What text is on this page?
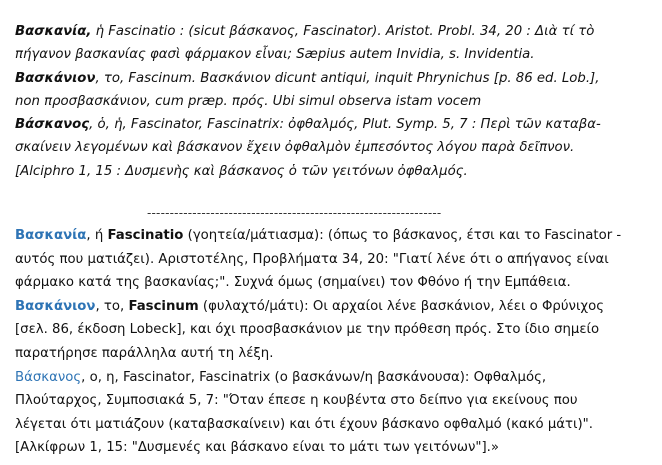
Βασκανία, ἡ Fascinatio : (sicut βάσκανος, Fascinator). Aristot. Probl. 34, 20 : Διὰ τί τὸ

πήγανον βασκανίας φασὶ φάρμακον εἶναι; Sæpius autem Invidia, s. Invidentia.

Βασκάνιον, το, Fascinum. Βασκάνιον dicunt antiqui, inquit Phrynichus [p. 86 ed. Lob.],

non προσβασκάνιον, cum præp. πρός. Ubi simul observa istam vocem

Βάσκανος, ὁ, ἡ, Fascinator, Fascinatrix: ὀφθαλμός, Plut. Symp. 5, 7 : Περὶ τῶν καταβα-

σκαίνειν λεγομένων καὶ βάσκανον ἔχειν ὀφθαλμὸν ἐμπεσόντος λόγου παρὰ δεῖπνον.

[Alciphro 1, 15 : Δυσμενὴς καὶ βάσκανος ὁ τῶν γειτόνων ὀφθαλμός.

-----------------------------------------------------------------

Βασκανία, ή Fascinatio (γοητεία/μάτιασμα): (όπως το βάσκανος, έτσι και το Fascinator -

αυτός που ματιάζει). Αριστοτέλης, Προβλήματα 34, 20: "Γιατί λένε ότι ο απήγανος είναι

φάρμακο κατά της βασκανίας;". Συχνά όμως (σημαίνει) τον Φθόνο ή την Εμπάθεια.

Βασκάνιον, το, Fascinum (φυλαχτό/μάτι): Οι αρχαίοι λένε βασκάνιον, λέει ο Φρύνιχος

[σελ. 86, έκδοση Lobeck], και όχι προσβασκάνιον με την πρόθεση πρός. Στο ίδιο σημείο

παρατήρησε παράλληλα αυτή τη λέξη.

Βάσκανος, ο, η, Fascinator, Fascinatrix (ο βασκάνων/η βασκάνουσα): Οφθαλμός,

Πλούταρχος, Συμποσιακά 5, 7: "Όταν έπεσε η κουβέντα στο δείπνο για εκείνους που

λέγεται ότι ματιάζουν (καταβασκαίνειν) και ότι έχουν βάσκανο οφθαλμό (κακό μάτι)".

[Αλκίφρων 1, 15: "Δυσμενές και βάσκανο είναι το μάτι των γειτόνων"].»
